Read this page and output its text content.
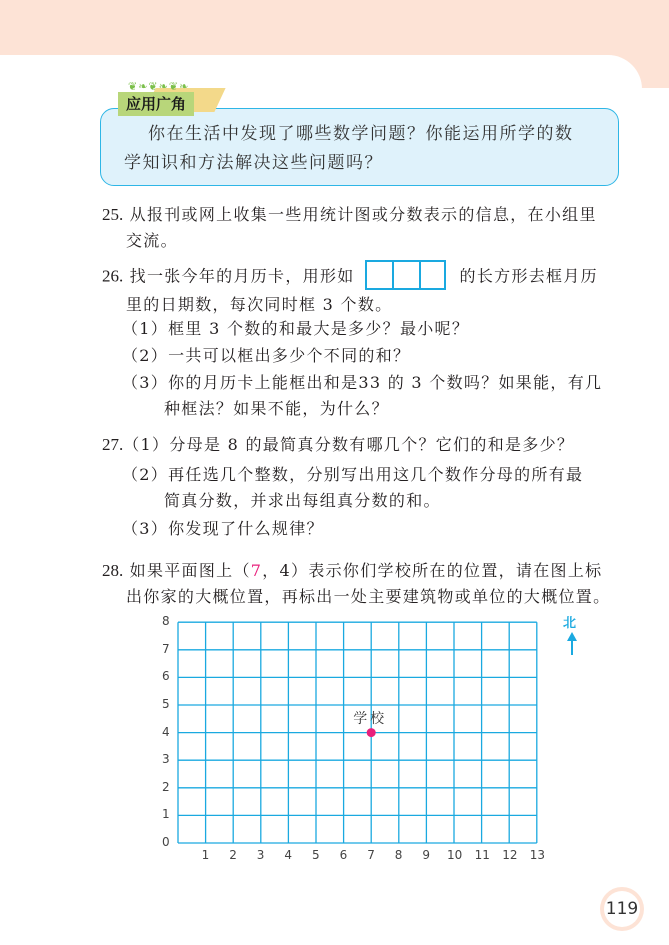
❦❧❦❧❦❧
应用广角
你在生活中发现了哪些数学问题？你能运用所学的数
学知识和方法解决这些问题吗？
25. 从报刊或网上收集一些用统计图或分数表示的信息，在小组里
交流。
26. 找一张今年的月历卡，用形如	的长方形去框月历
里的日期数，每次同时框 3 个数。
（1）框里 3 个数的和最大是多少？最小呢？
（2）一共可以框出多少个不同的和？
（3）你的月历卡上能框出和是33 的 3 个数吗？如果能，有几
种框法？如果不能，为什么？
27.（1）分母是 8 的最简真分数有哪几个？它们的和是多少？
（2）再任选几个整数，分别写出用这几个数作分母的所有最
简真分数，并求出每组真分数的和。
（3）你发现了什么规律？
28. 如果平面图上（7，4）表示你们学校所在的位置，请在图上标
出你家的大概位置，再标出一处主要建筑物或单位的大概位置。
1 2 3 4 5 6 7 8 9 10 11 12 13
0
1
2
3
4
5
6
7
8
学校
北
119
